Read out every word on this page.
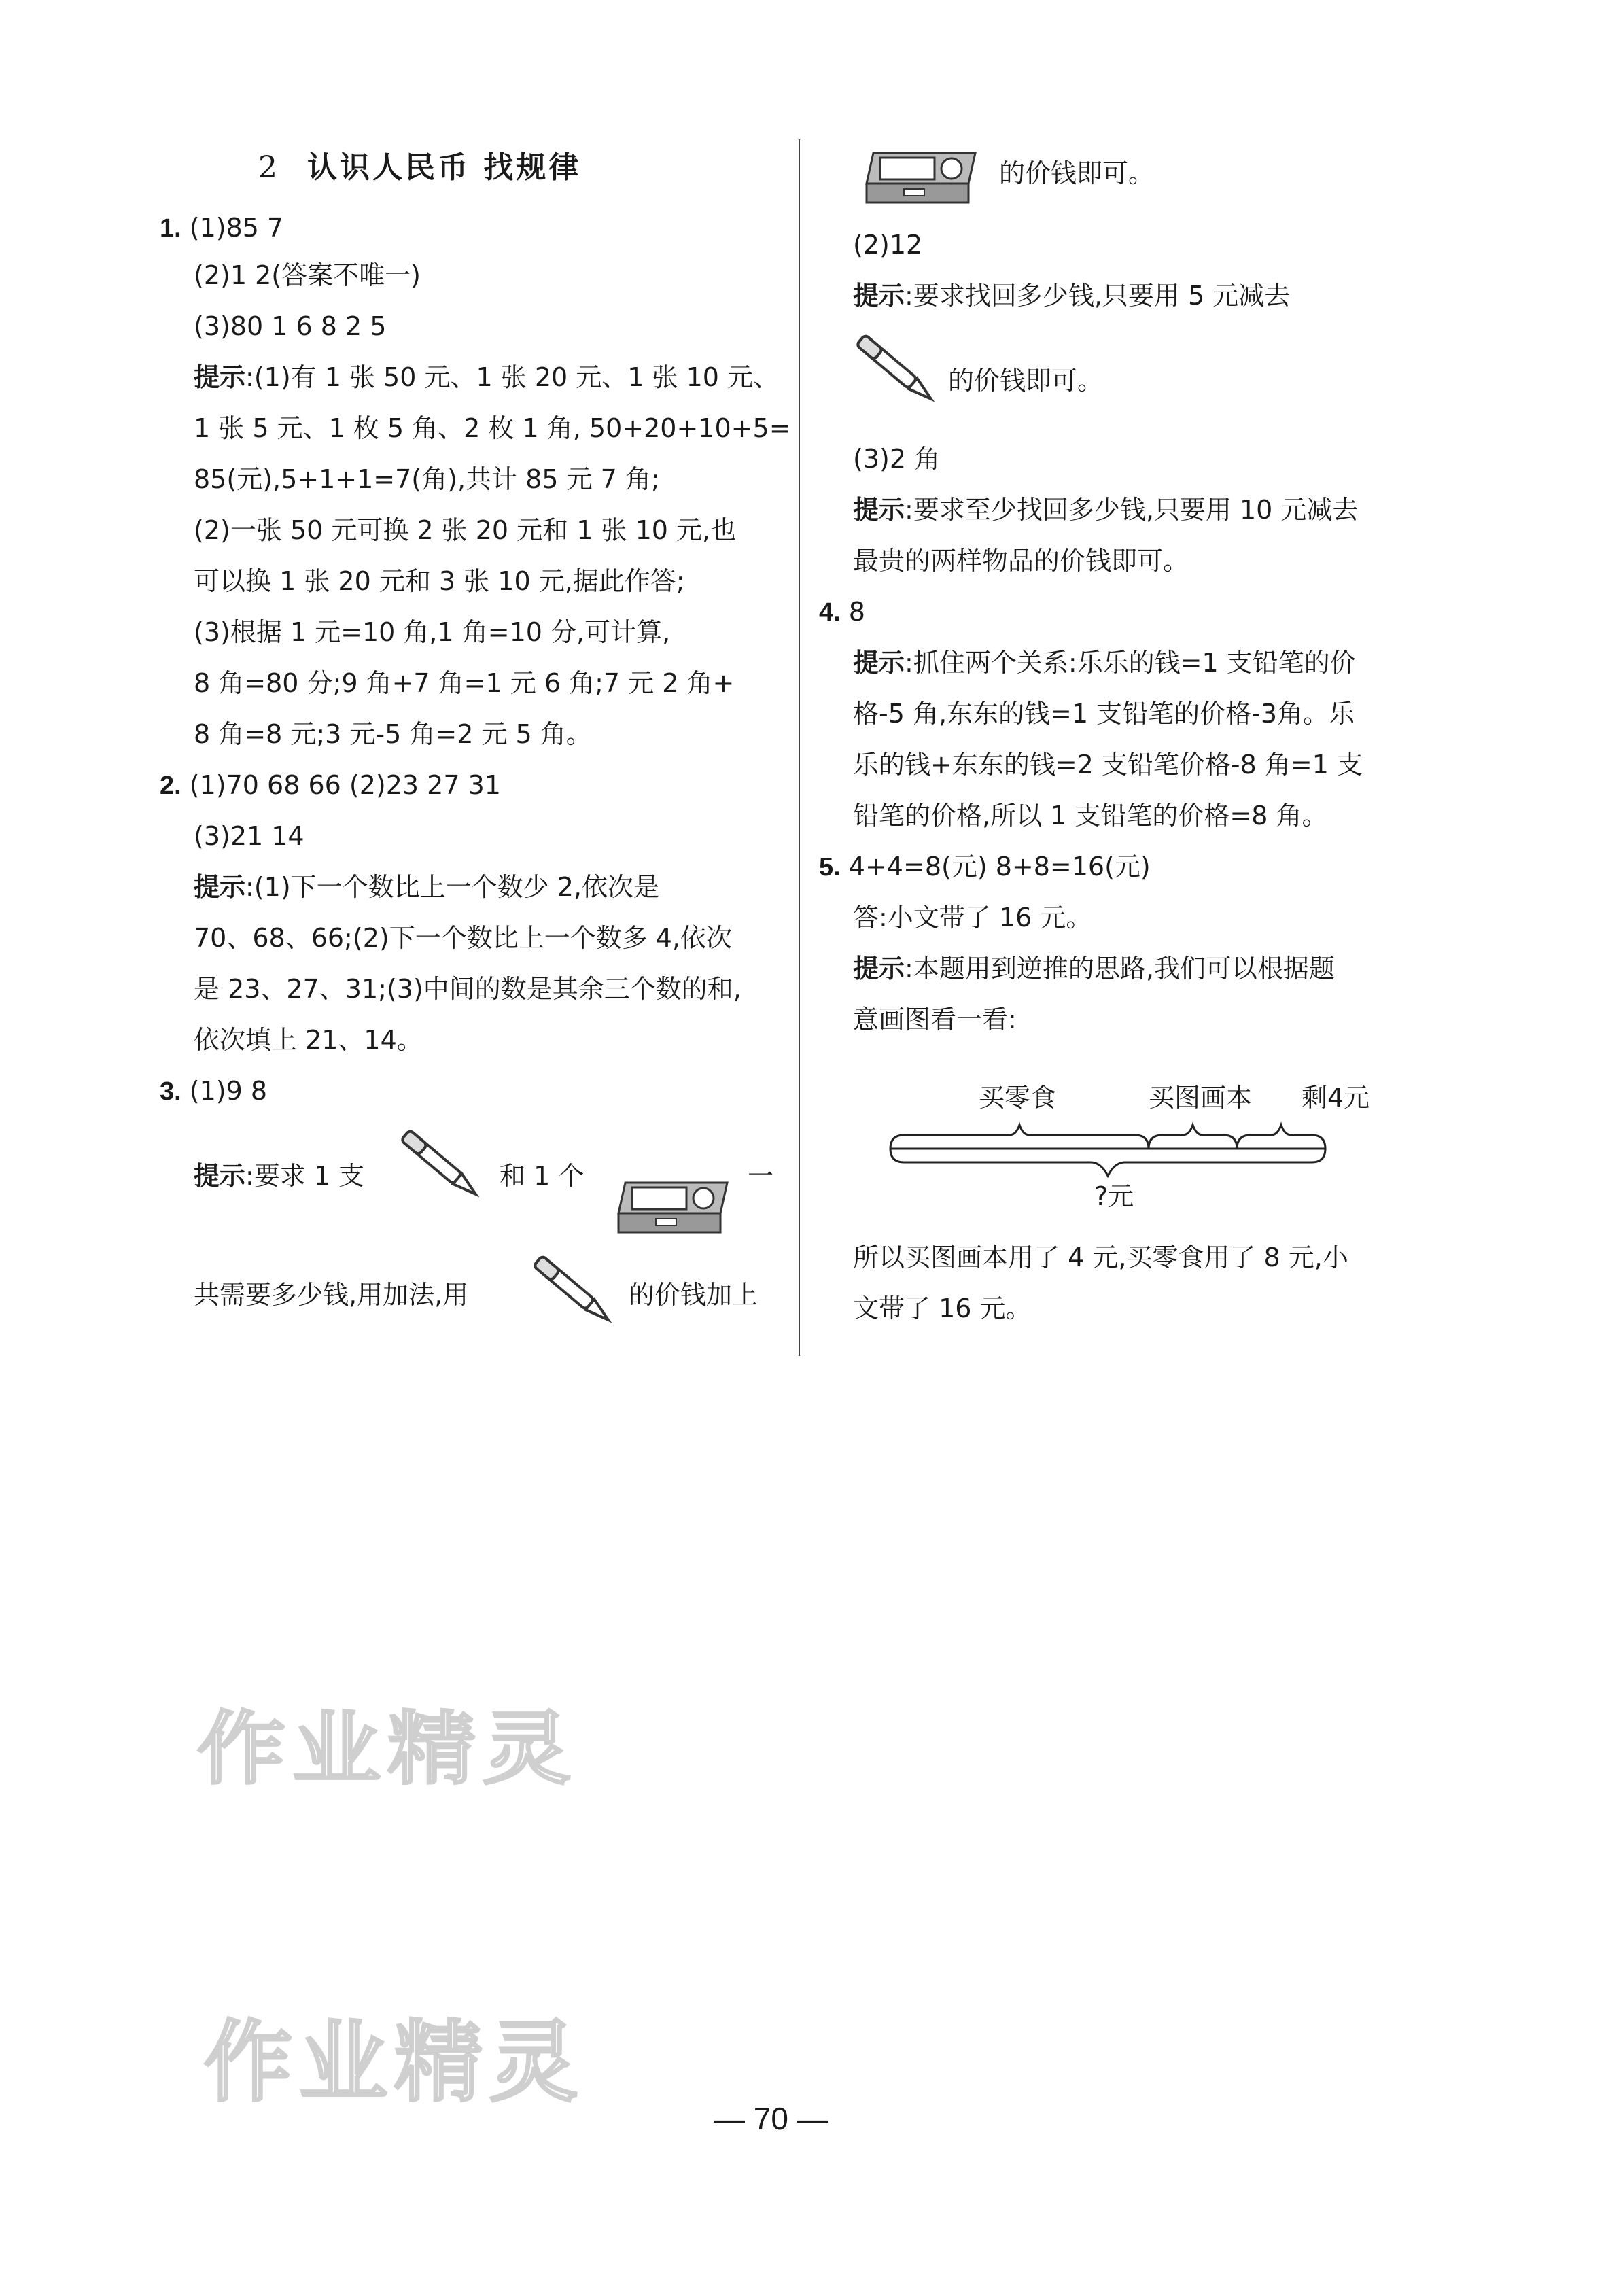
2 认识人民币 找规律
1. (1)85 7
(2)1 2(答案不唯一)
(3)80 1 6 8 2 5
提示:(1)有 1 张 50 元、1 张 20 元、1 张 10 元、
1 张 5 元、1 枚 5 角、2 枚 1 角, 50+20+10+5=
85(元),5+1+1=7(角),共计 85 元 7 角;
(2)一张 50 元可换 2 张 20 元和 1 张 10 元,也
可以换 1 张 20 元和 3 张 10 元,据此作答;
(3)根据 1 元=10 角,1 角=10 分,可计算,
8 角=80 分;9 角+7 角=1 元 6 角;7 元 2 角+
8 角=8 元;3 元-5 角=2 元 5 角。
2. (1)70 68 66 (2)23 27 31
(3)21 14
提示:(1)下一个数比上一个数少 2,依次是
70、68、66;(2)下一个数比上一个数多 4,依次
是 23、27、31;(3)中间的数是其余三个数的和,
依次填上 21、14。
3. (1)9 8
提示:要求 1 支	和 1 个	一
共需要多少钱,用加法,用	的价钱加上
的价钱即可。
(2)12
提示:要求找回多少钱,只要用 5 元减去
的价钱即可。
(3)2 角
提示:要求至少找回多少钱,只要用 10 元减去
最贵的两样物品的价钱即可。
4. 8
提示:抓住两个关系:乐乐的钱=1 支铅笔的价
格-5 角,东东的钱=1 支铅笔的价格-3角。乐
乐的钱+东东的钱=2 支铅笔价格-8 角=1 支
铅笔的价格,所以 1 支铅笔的价格=8 角。
5. 4+4=8(元) 8+8=16(元)
答:小文带了 16 元。
提示:本题用到逆推的思路,我们可以根据题
意画图看一看:
所以买图画本用了 4 元,买零食用了 8 元,小
文带了 16 元。
买零食	买图画本 剩4元
?元
作业精灵
作业精灵
— 70 —
